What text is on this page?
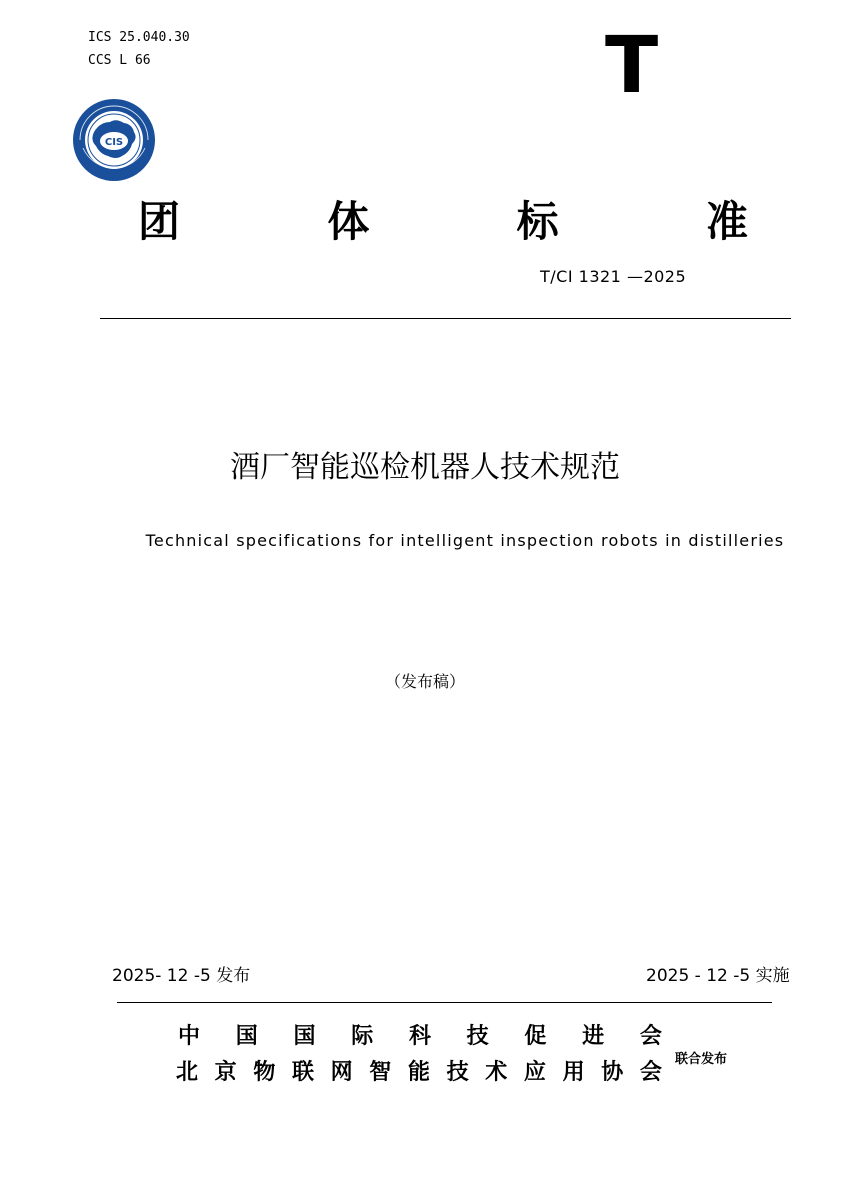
ICS 25.040.30
CCS L 66	T
CIS
团	体	标	准
T/CI 1321 —2025
酒厂智能巡检机器人技术规范
Technical specifications for intelligent inspection robots in distilleries
（发布稿）
2025- 12 -5 发布	2025 - 12 -5 实施
中 国 国 际 科 技 促 进 会
北 京 物 联 网 智 能 技 术 应 用 协 会 联合发布
